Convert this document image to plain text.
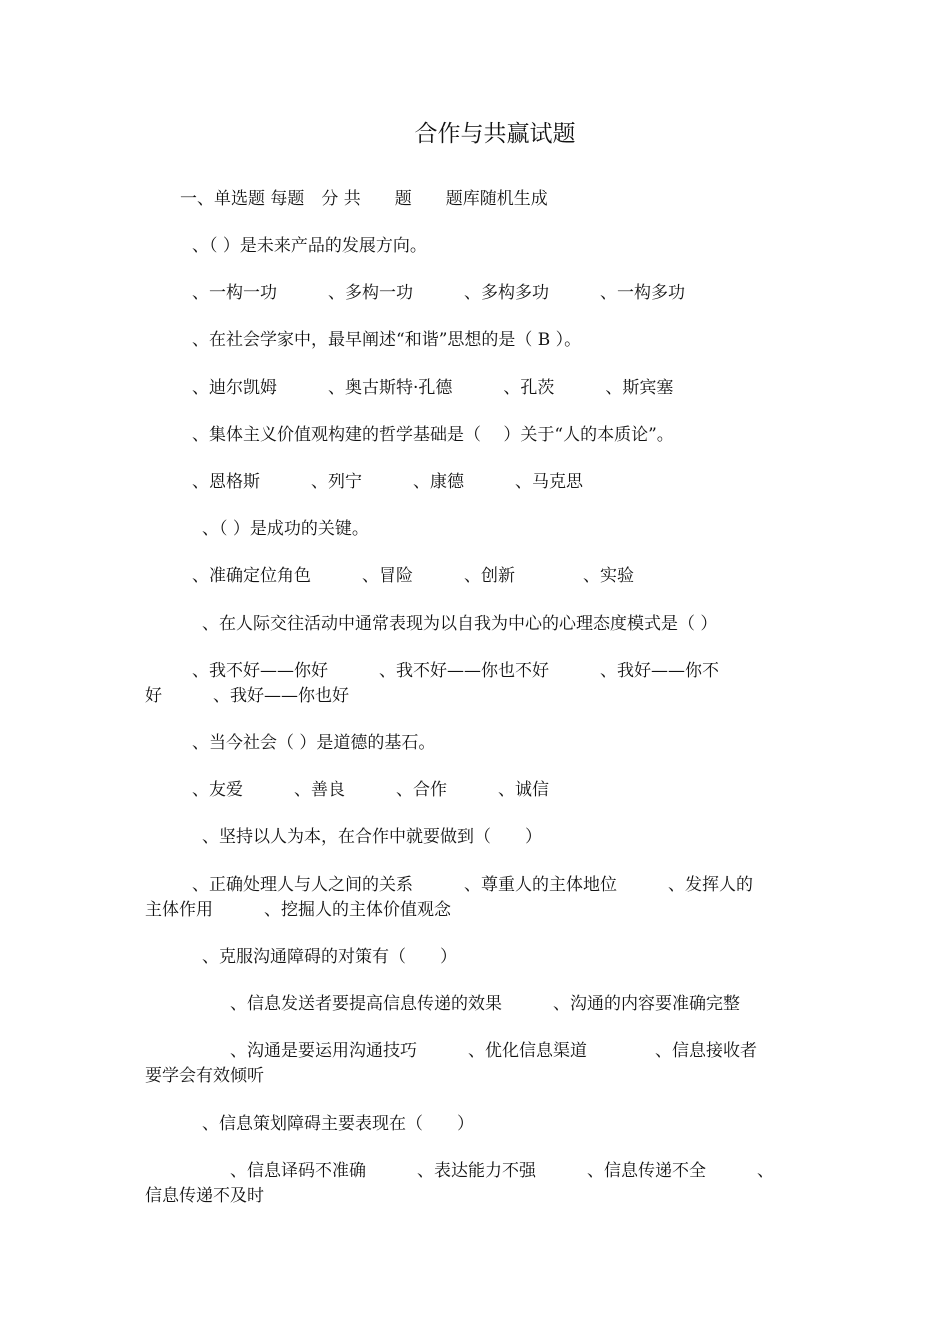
合作与共赢试题
一、单选题 每题　分 共　　题　　题库随机生成
、（ ）是未来产品的发展方向。
、一构一功　　　、多构一功　　　、多构多功　　　、一构多功
、在社会学家中，最早阐述“和谐”思想的是（ B ）。
、迪尔凯姆　　　、奥古斯特·孔德　　　、孔茨　　　、斯宾塞
、集体主义价值观构建的哲学基础是（　 ）关于“人的本质论”。
、恩格斯　　　、列宁　　　、康德　　　、马克思
、（ ）是成功的关键。
、准确定位角色　　　、冒险　　　、创新　　　　、实验
、在人际交往活动中通常表现为以自我为中心的心理态度模式是（ ）
、我不好——你好　　　、我不好——你也不好　　　、我好——你不
好　　　、我好——你也好
、当今社会（ ）是道德的基石。
、友爱　　　、善良　　　、合作　　　、诚信
、坚持以人为本，在合作中就要做到（　　）
、正确处理人与人之间的关系　　　、尊重人的主体地位　　　、发挥人的
主体作用　　　、挖掘人的主体价值观念
、克服沟通障碍的对策有（　　）
、信息发送者要提高信息传递的效果　　　、沟通的内容要准确完整
、沟通是要运用沟通技巧　　　、优化信息渠道　　　　、信息接收者
要学会有效倾听
、信息策划障碍主要表现在（　　）
、信息译码不准确　　　、表达能力不强　　　、信息传递不全　　　、
信息传递不及时
